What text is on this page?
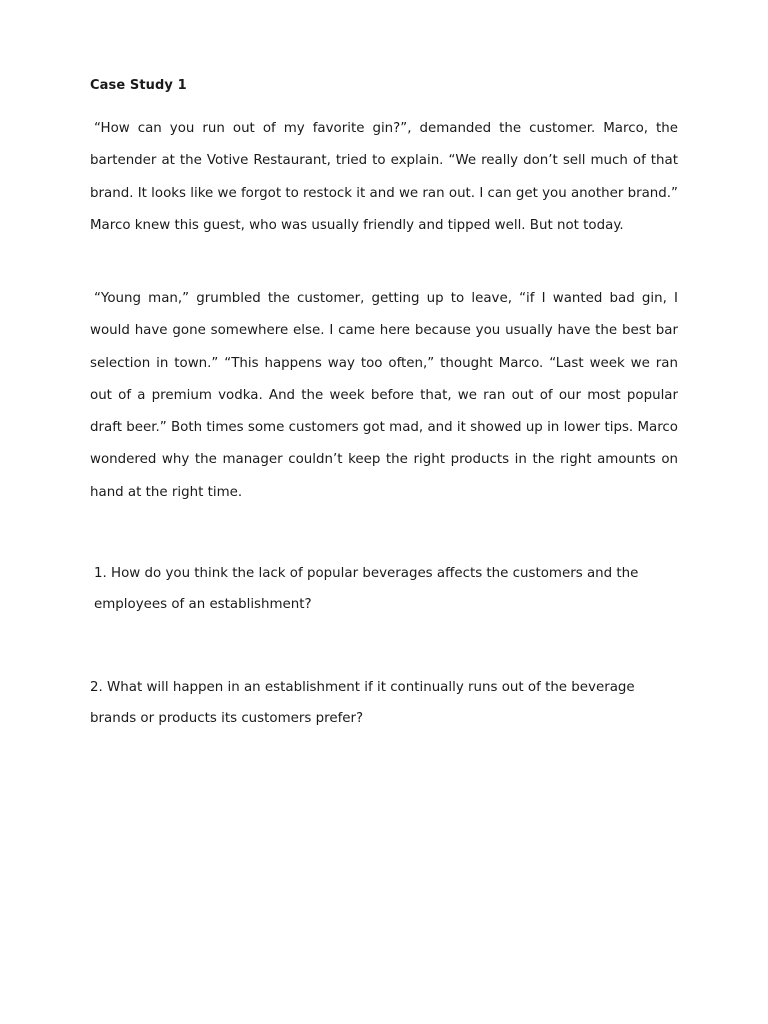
Case Study 1

“How can you run out of my favorite gin?”, demanded the customer. Marco, the bartender at the Votive Restaurant, tried to explain. “We really don’t sell much of that brand. It looks like we forgot to restock it and we ran out. I can get you another brand.” Marco knew this guest, who was usually friendly and tipped well. But not today.

“Young man,” grumbled the customer, getting up to leave, “if I wanted bad gin, I would have gone somewhere else. I came here because you usually have the best bar selection in town.” “This happens way too often,” thought Marco. “Last week we ran out of a premium vodka. And the week before that, we ran out of our most popular draft beer.” Both times some customers got mad, and it showed up in lower tips. Marco wondered why the manager couldn’t keep the right products in the right amounts on hand at the right time.

1. How do you think the lack of popular beverages affects the customers and the employees of an establishment?

2. What will happen in an establishment if it continually runs out of the beverage brands or products its customers prefer?
